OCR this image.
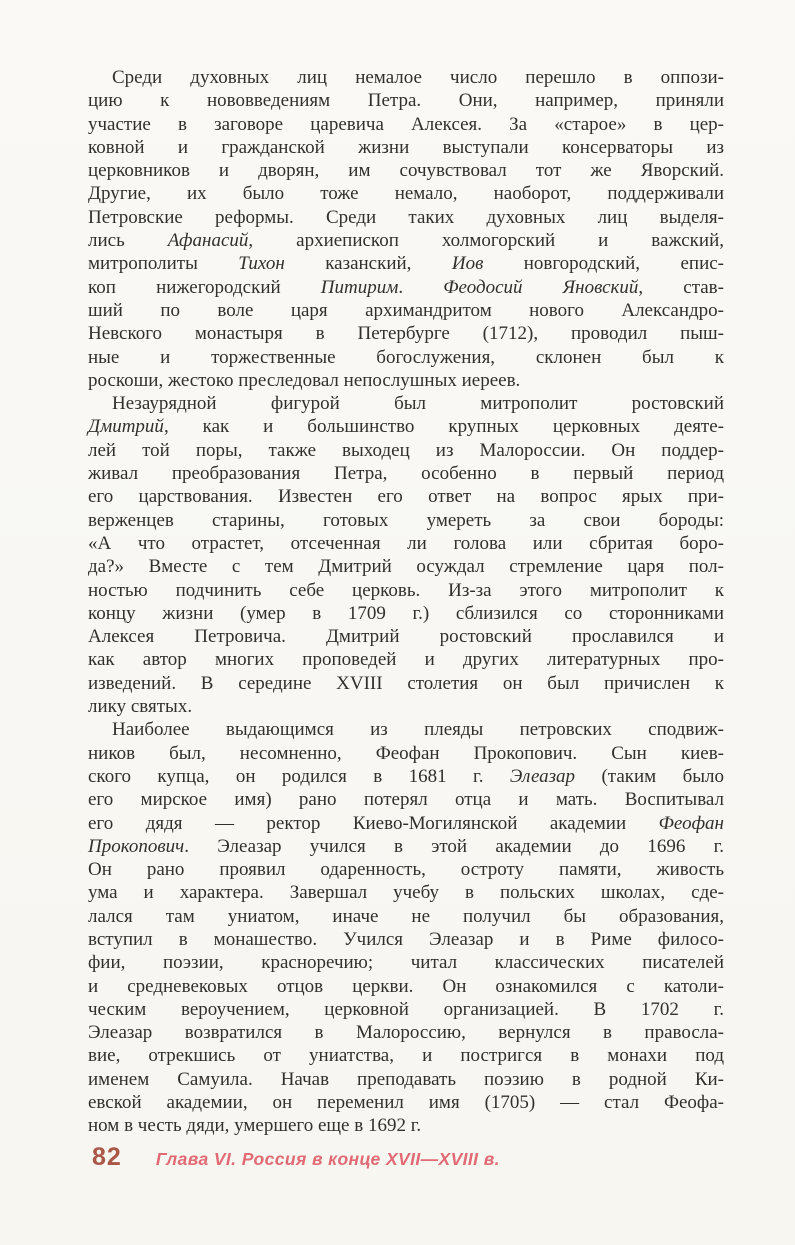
Среди духовных лиц немалое число перешло в оппози-
цию к нововведениям Петра. Они, например, приняли
участие в заговоре царевича Алексея. За «старое» в цер-
ковной и гражданской жизни выступали консерваторы из
церковников и дворян, им сочувствовал тот же Яворский.
Другие, их было тоже немало, наоборот, поддерживали
Петровские реформы. Среди таких духовных лиц выделя-
лись Афанасий, архиепископ холмогорский и важский,
митрополиты Тихон казанский, Иов новгородский, епис-
коп нижегородский Питирим. Феодосий Яновский, став-
ший по воле царя архимандритом нового Александро-
Невского монастыря в Петербурге (1712), проводил пыш-
ные и торжественные богослужения, склонен был к
роскоши, жестоко преследовал непослушных иереев.
Незаурядной фигурой был митрополит ростовский
Дмитрий, как и большинство крупных церковных деяте-
лей той поры, также выходец из Малороссии. Он поддер-
живал преобразования Петра, особенно в первый период
его царствования. Известен его ответ на вопрос ярых при-
верженцев старины, готовых умереть за свои бороды:
«А что отрастет, отсеченная ли голова или сбритая боро-
да?» Вместе с тем Дмитрий осуждал стремление царя пол-
ностью подчинить себе церковь. Из-за этого митрополит к
концу жизни (умер в 1709 г.) сблизился со сторонниками
Алексея Петровича. Дмитрий ростовский прославился и
как автор многих проповедей и других литературных про-
изведений. В середине XVIII столетия он был причислен к
лику святых.
Наиболее выдающимся из плеяды петровских сподвиж-
ников был, несомненно, Феофан Прокопович. Сын киев-
ского купца, он родился в 1681 г. Элеазар (таким было
его мирское имя) рано потерял отца и мать. Воспитывал
его дядя — ректор Киево-Могилянской академии Феофан
Прокопович. Элеазар учился в этой академии до 1696 г.
Он рано проявил одаренность, остроту памяти, живость
ума и характера. Завершал учебу в польских школах, сде-
лался там униатом, иначе не получил бы образования,
вступил в монашество. Учился Элеазар и в Риме филосо-
фии, поэзии, красноречию; читал классических писателей
и средневековых отцов церкви. Он ознакомился с католи-
ческим вероучением, церковной организацией. В 1702 г.
Элеазар возвратился в Малороссию, вернулся в правосла-
вие, отрекшись от униатства, и постригся в монахи под
именем Самуила. Начав преподавать поэзию в родной Ки-
евской академии, он переменил имя (1705) — стал Феофа-
ном в честь дяди, умершего еще в 1692 г.
82 Глава VI. Россия в конце XVII—XVIII в.
